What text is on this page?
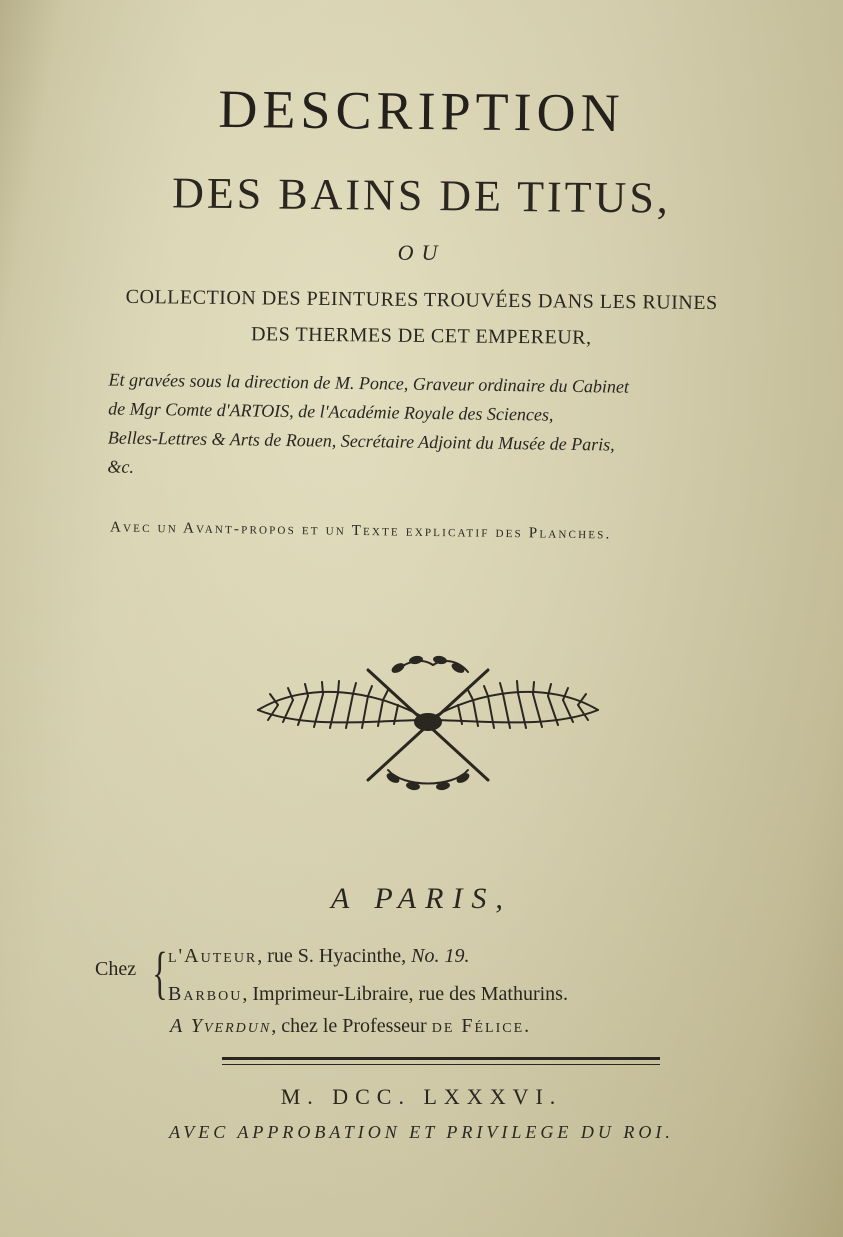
DESCRIPTION
DES BAINS DE TITUS,
OU
COLLECTION DES PEINTURES TROUVÉES DANS LES RUINES
DES THERMES DE CET EMPEREUR,
Et gravées sous la direction de M. Ponce, Graveur ordinaire du Cabinet
de Mgr Comte d'ARTOIS, de l'Académie Royale des Sciences,
Belles-Lettres & Arts de Rouen, Secrétaire Adjoint du Musée de Paris,
&c.
Avec un Avant-propos et un Texte explicatif des Planches.
A PARIS,
Chez { l'Auteur, rue S. Hyacinthe, No. 19.
Barbou, Imprimeur-Libraire, rue des Mathurins.
A Yverdun, chez le Professeur de Félice.
M. DCC. LXXXVI.
AVEC APPROBATION ET PRIVILEGE DU ROI.
